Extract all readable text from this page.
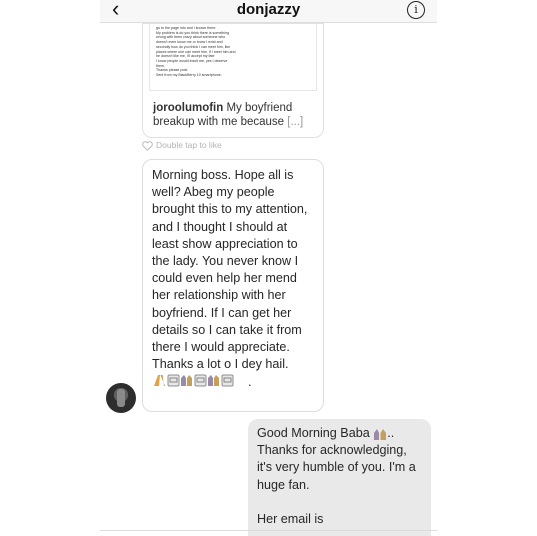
‹	donjazzy	i
go to the page into and I known there.
My problem is do you think there is something
wrong with been crazy about someone who
doesn't even know me or know I exist and
secondly how do you think I can meet him, like
places where one can meet him. If I meet him and
he doesn't like me, I'll accept my fate
I know people would insult me, yes I deserve
them.
Thanks please post.
Sent from my BlackBerry 10 smartphone.
joroolumofin My boyfriend breakup with me because [...]
Double tap to like
Morning boss. Hope all is well? Abeg my people brought this to my attention, and I thought I should at least show appreciation to the lady. You never know I could even help her mend her relationship with her boyfriend. If I can get her details so I can take it from there I would appreciate. Thanks a lot o I dey hail.
.

Good Morning Baba ..

Thanks for acknowledging, it's very humble of you. I'm a huge fan.

Her email is
